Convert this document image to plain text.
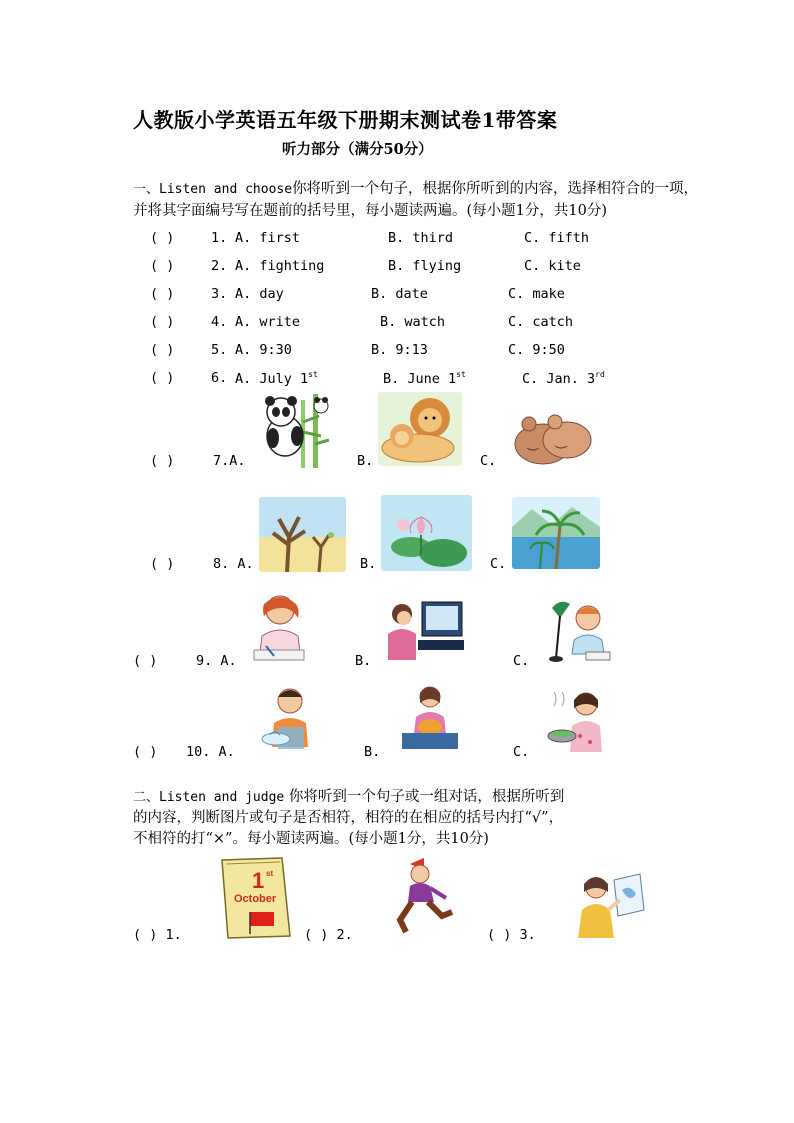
人教版小学英语五年级下册期末测试卷1带答案
听力部分（满分50分）
一、Listen and choose你将听到一个句子，根据你所听到的内容，选择相符合的一项，
并将其字面编号写在题前的括号里，每小题读两遍。(每小题1分，共10分)
( )	1. A. first	B. third	C. fifth
( )	2. A. fighting	B. flying	C. kite
( )	3. A. day	B. date	C. make
( )	4. A. write	B. watch	C. catch
( )	5. A. 9:30	B. 9:13	C. 9:50
( )	6. A. July 1st	B. June 1st	C. Jan. 3rd
( )	7.A.	B.	C.
( )	8. A.	B.	C.
( )	9. A.	B.	C.
( ) 10. A.	B.	C.
二、Listen and judge 你将听到一个句子或一组对话，根据所听到
的内容，判断图片或句子是否相符，相符的在相应的括号内打“√”，
不相符的打“×”。每小题读两遍。(每小题1分，共10分)
1 st
October
( ) 1.	( ) 2.	( ) 3.
